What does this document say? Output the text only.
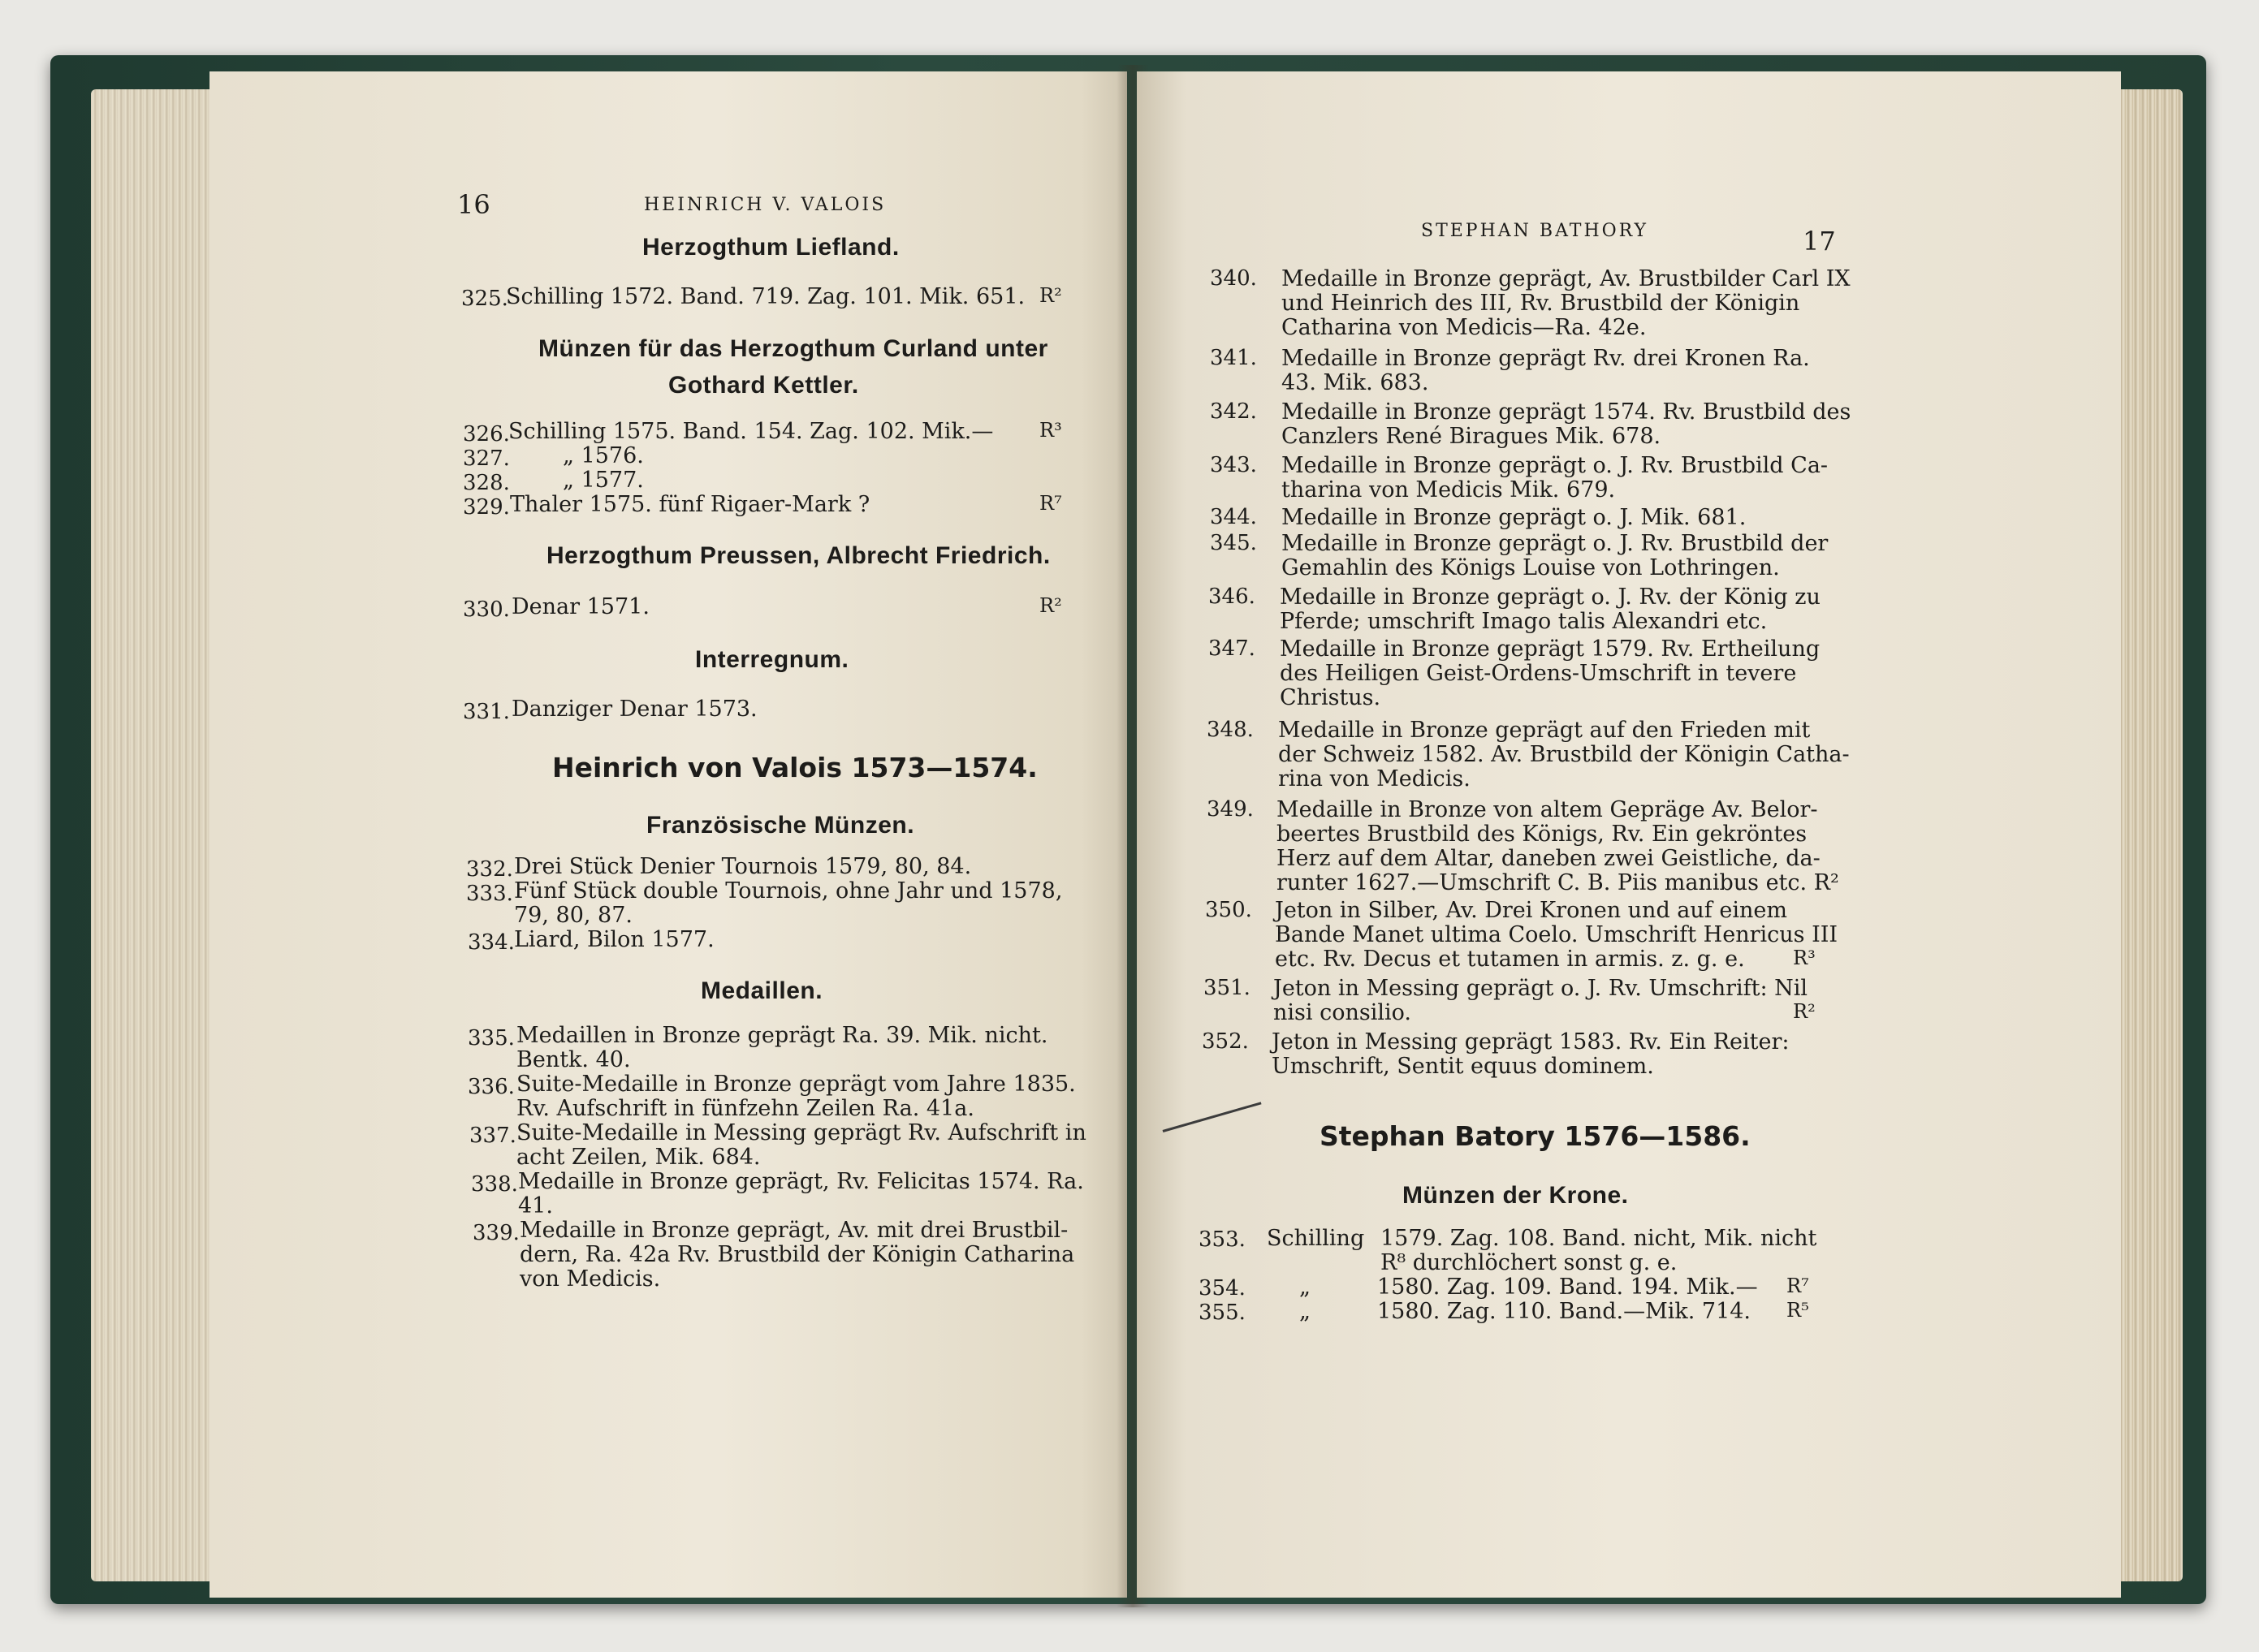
16	HEINRICH V. VALOIS
Herzogthum Liefland.
325.
Schilling 1572. Band. 719. Zag. 101. Mik. 651. R²
Münzen für das Herzogthum Curland unter
Gothard Kettler.
326.
Schilling 1575. Band. 154. Zag. 102. Mik.— R³
327. „ 1576.
328. „ 1577.
329. Thaler 1575. fünf Rigaer-Mark ?	R⁷
Herzogthum Preussen, Albrecht Friedrich.
330. Denar 1571.	R²
Interregnum.
331. Danziger Denar 1573.
Heinrich von Valois 1573—1574.
Französische Münzen.
332. Drei Stück Denier Tournois 1579, 80, 84.
333. Fünf Stück double Tournois, ohne Jahr und 1578,
79, 80, 87.
334. Liard, Bilon 1577.
Medaillen.
335. Medaillen in Bronze geprägt Ra. 39. Mik. nicht.
Bentk. 40.
336. Suite-Medaille in Bronze geprägt vom Jahre 1835.
Rv. Aufschrift in fünfzehn Zeilen Ra. 41a.
337. Suite-Medaille in Messing geprägt Rv. Aufschrift in
acht Zeilen, Mik. 684.
338. Medaille in Bronze geprägt, Rv. Felicitas 1574. Ra.
41.
339. Medaille in Bronze geprägt, Av. mit drei Brustbil-
dern, Ra. 42a Rv. Brustbild der Königin Catharina
von Medicis.
STEPHAN BATHORY	17
340. Medaille in Bronze geprägt, Av. Brustbilder Carl IX
und Heinrich des III, Rv. Brustbild der Königin
Catharina von Medicis—Ra. 42e.
341. Medaille in Bronze geprägt Rv. drei Kronen Ra.
43. Mik. 683.
342. Medaille in Bronze geprägt 1574. Rv. Brustbild des
Canzlers René Biragues Mik. 678.
343. Medaille in Bronze geprägt o. J. Rv. Brustbild Ca-
tharina von Medicis Mik. 679.
344. Medaille in Bronze geprägt o. J. Mik. 681.
345. Medaille in Bronze geprägt o. J. Rv. Brustbild der
Gemahlin des Königs Louise von Lothringen.
346. Medaille in Bronze geprägt o. J. Rv. der König zu
Pferde; umschrift Imago talis Alexandri etc.
347. Medaille in Bronze geprägt 1579. Rv. Ertheilung
des Heiligen Geist-Ordens-Umschrift in tevere
Christus.
348. Medaille in Bronze geprägt auf den Frieden mit
der Schweiz 1582. Av. Brustbild der Königin Catha-
rina von Medicis.
349. Medaille in Bronze von altem Gepräge Av. Belor-
beertes Brustbild des Königs, Rv. Ein gekröntes
Herz auf dem Altar, daneben zwei Geistliche, da-
runter 1627.—Umschrift C. B. Piis manibus etc. R²
350. Jeton in Silber, Av. Drei Kronen und auf einem
Bande Manet ultima Coelo. Umschrift Henricus III
etc. Rv. Decus et tutamen in armis. z. g. e. R³
351. Jeton in Messing geprägt o. J. Rv. Umschrift: Nil
nisi consilio.	R²
352. Jeton in Messing geprägt 1583. Rv. Ein Reiter:
Umschrift, Sentit equus dominem.
Stephan Batory 1576—1586.
Münzen der Krone.
353. Schilling 1579. Zag. 108. Band. nicht, Mik. nicht
R⁸ durchlöchert sonst g. e.
354. „	1580. Zag. 109. Band. 194. Mik.— R⁷
355. „	1580. Zag. 110. Band.—Mik. 714. R⁵
